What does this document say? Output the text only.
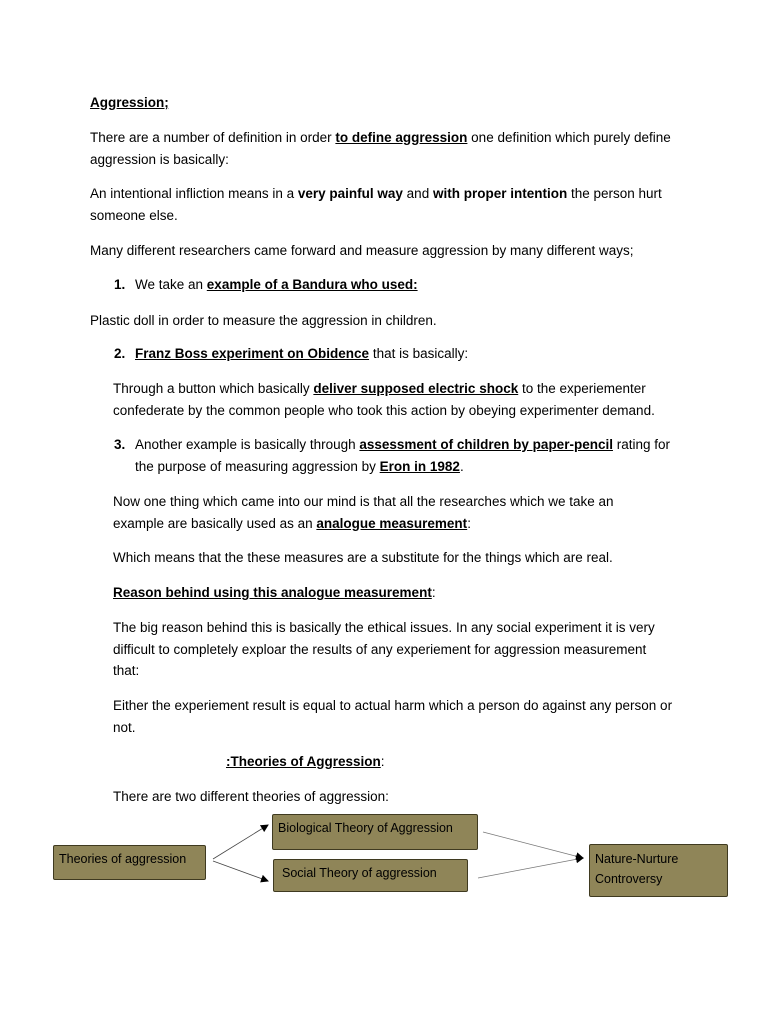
Aggression;

There are a number of definition in order to define aggression one definition which purely define aggression is basically:

An intentional infliction means in a very painful way and with proper intention the person hurt someone else.

Many different researchers came forward and measure aggression by many different ways;

1. We take an example of a Bandura who used:

Plastic doll in order to measure the aggression in children.

2. Franz Boss experiment on Obidence that is basically:

Through a button which basically deliver supposed electric shock to the experiementer confederate by the common people who took this action by obeying experimenter demand.

3. Another example is basically through assessment of children by paper-pencil rating for the purpose of measuring aggression by Eron in 1982.

Now one thing which came into our mind is that all the researches which we take an example are basically used as an analogue measurement:

Which means that the these measures are a substitute for the things which are real.

Reason behind using this analogue measurement:

The big reason behind this is basically the ethical issues. In any social experiment it is very difficult to completely exploar the results of any experiement for aggression measurement that:

Either the experiement result is equal to actual harm which a person do against any person or not.

:Theories of Aggression:

There are two different theories of aggression:

Theories of aggression
Biological Theory of Aggression
Social Theory of aggression
Nature-Nurture Controversy
